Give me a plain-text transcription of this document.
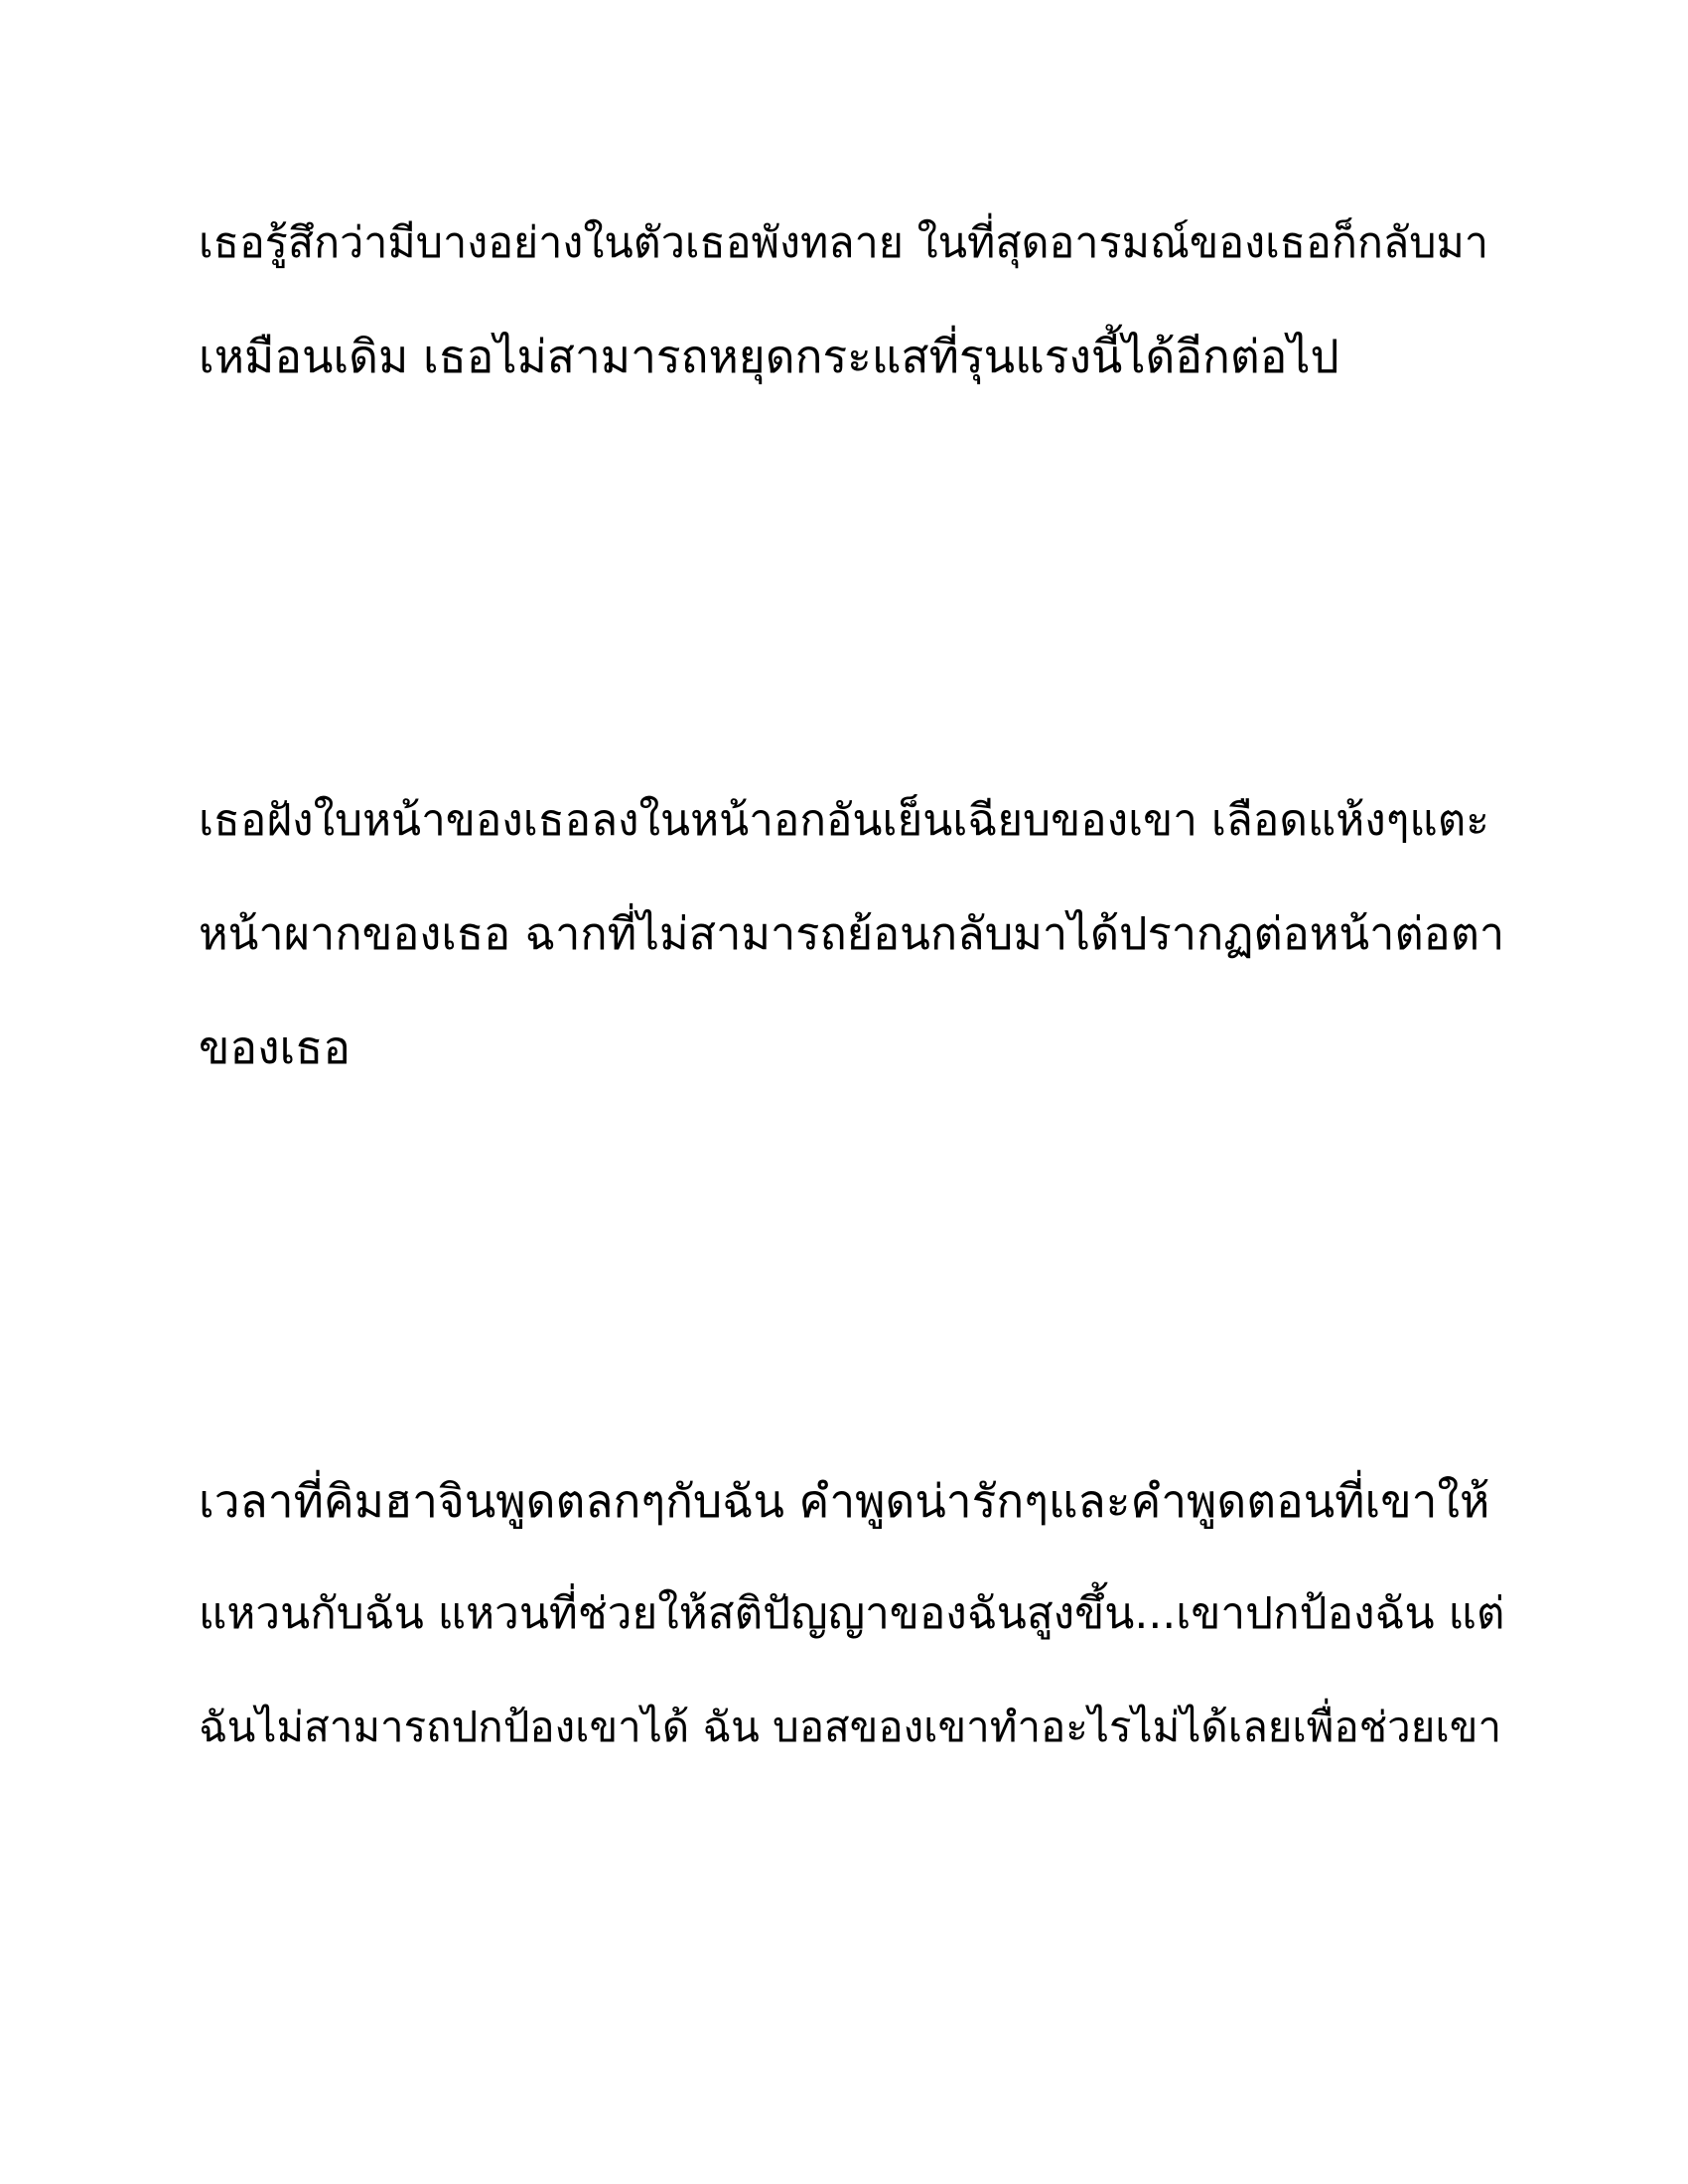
เธอรู้สึกว่ามีบางอย่างในตัวเธอพังทลาย ในที่สุดอารมณ์ของเธอก็กลับมา
เหมือนเดิม เธอไม่สามารถหยุดกระแสที่รุนแรงนี้ได้อีกต่อไป

เธอฝังใบหน้าของเธอลงในหน้าอกอันเย็นเฉียบของเขา เลือดแห้งๆแตะ
หน้าผากของเธอ ฉากที่ไม่สามารถย้อนกลับมาได้ปรากฏต่อหน้าต่อตา
ของเธอ

เวลาที่คิมฮาจินพูดตลกๆกับฉัน คำพูดน่ารักๆและคำพูดตอนที่เขาให้
แหวนกับฉัน แหวนที่ช่วยให้สติปัญญาของฉันสูงขึ้น...เขาปกป้องฉัน แต่
ฉันไม่สามารถปกป้องเขาได้ ฉัน บอสของเขาทำอะไรไม่ได้เลยเพื่อช่วยเขา
